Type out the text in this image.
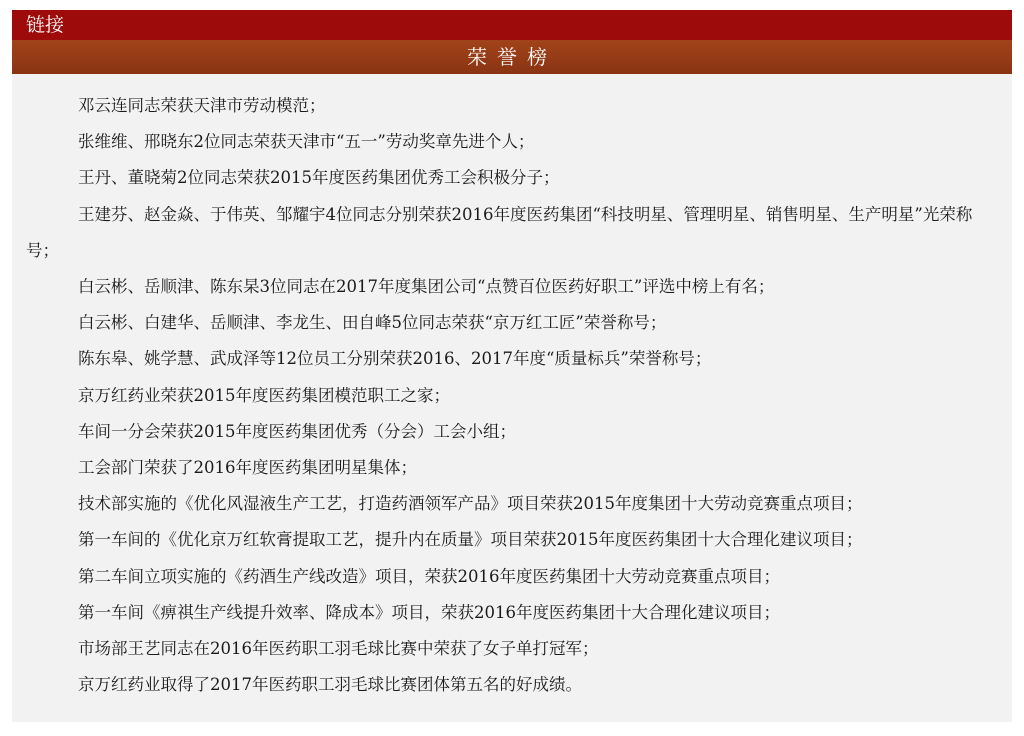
链接
荣誉榜

邓云连同志荣获天津市劳动模范；

张维维、邢晓东2位同志荣获天津市“五一”劳动奖章先进个人；

王丹、董晓菊2位同志荣获2015年度医药集团优秀工会积极分子；

王建芬、赵金焱、于伟英、邹耀宇4位同志分别荣获2016年度医药集团“科技明星、管理明星、销售明星、生产明星”光荣称号；

白云彬、岳顺津、陈东杲3位同志在2017年度集团公司“点赞百位医药好职工”评选中榜上有名；

白云彬、白建华、岳顺津、李龙生、田自峰5位同志荣获“京万红工匠”荣誉称号；

陈东皋、姚学慧、武成泽等12位员工分别荣获2016、2017年度“质量标兵”荣誉称号；

京万红药业荣获2015年度医药集团模范职工之家；

车间一分会荣获2015年度医药集团优秀（分会）工会小组；

工会部门荣获了2016年度医药集团明星集体；

技术部实施的《优化风湿液生产工艺，打造药酒领军产品》项目荣获2015年度集团十大劳动竞赛重点项目；

第一车间的《优化京万红软膏提取工艺，提升内在质量》项目荣获2015年度医药集团十大合理化建议项目；

第二车间立项实施的《药酒生产线改造》项目，荣获2016年度医药集团十大劳动竞赛重点项目；

第一车间《痹祺生产线提升效率、降成本》项目，荣获2016年度医药集团十大合理化建议项目；

市场部王艺同志在2016年医药职工羽毛球比赛中荣获了女子单打冠军；

京万红药业取得了2017年医药职工羽毛球比赛团体第五名的好成绩。
